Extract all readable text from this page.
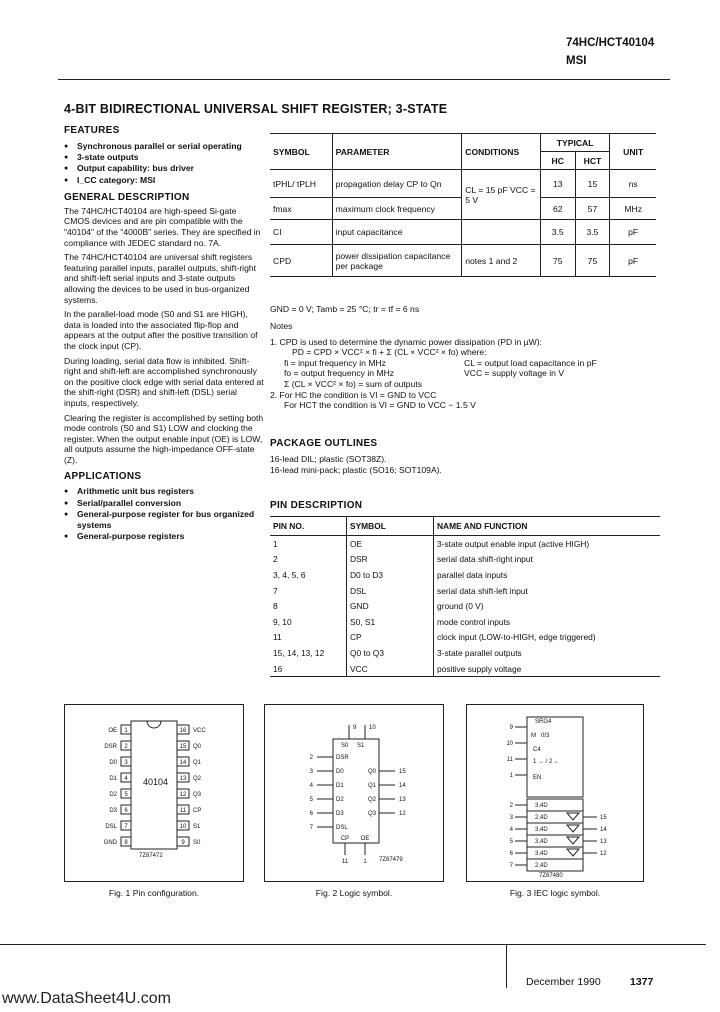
74HC/HCT40104
MSI
4-BIT BIDIRECTIONAL UNIVERSAL SHIFT REGISTER; 3-STATE
FEATURES
● Synchronous parallel or serial operating
● 3-state outputs
● Output capability: bus driver
● I_CC category: MSI
GENERAL DESCRIPTION

The 74HC/HCT40104 are high-speed Si-gate CMOS devices and are pin compatible with the "40104" of the "4000B" series. They are specified in compliance with JEDEC standard no. 7A.

The 74HC/HCT40104 are universal shift registers featuring parallel inputs, parallel outputs, shift-right and shift-left serial inputs and 3-state outputs allowing the devices to be used in bus-organized systems.

In the parallel-load mode (S0 and S1 are HIGH), data is loaded into the associated flip-flop and appears at the output after the positive transition of the clock input (CP).

During loading, serial data flow is inhibited. Shift-right and shift-left are accomplished synchronously on the positive clock edge with serial data entered at the shift-right (DSR) and shift-left (DSL) serial inputs, respectively.

Clearing the register is accomplished by setting both mode controls (S0 and S1) LOW and clocking the register. When the output enable input (OE) is LOW, all outputs assume the high-impedance OFF-state (Z).

APPLICATIONS
● Arithmetic unit bus registers
● Serial/parallel conversion
● General-purpose register for bus organized systems
● General-purpose registers
SYMBOL	PARAMETER	CONDITIONS	TYPICAL		UNIT
			HC	HCT	
tPHL/ tPLH	propagation delay CP to Qn	CL = 15 pF VCC = 5 V	13	15	ns
fmax	maximum clock frequency		62	57	MHz
CI	input capacitance		3.5	3.5	pF
CPD	power dissipation capacitance per package	notes 1 and 2	75	75	pF
GND = 0 V; Tamb = 25 °C; tr = tf = 6 ns
Notes
1. CPD is used to determine the dynamic power dissipation (PD in µW):
PD = CPD × VCC² × fi + Σ (CL × VCC² × fo) where:
fi = input frequency in MHz	CL = output load capacitance in pF
fo = output frequency in MHz	VCC = supply voltage in V
Σ (CL × VCC² × fo) = sum of outputs
2. For HC the condition is VI = GND to VCC
For HCT the condition is VI = GND to VCC − 1.5 V
PACKAGE OUTLINES
16-lead DIL; plastic (SOT38Z).
16-lead mini-pack; plastic (SO16; SOT109A).
PIN DESCRIPTION
PIN NO.	SYMBOL	NAME AND FUNCTION
1	OE	3-state output enable input (active HIGH)
2	DSR	serial data shift-right input
3, 4, 5, 6	D0 to D3	parallel data inputs
7	DSL	serial data shift-left input
8	GND	ground (0 V)
9, 10	S0, S1	mode control inputs
11	CP	clock input (LOW-to-HIGH, edge triggered)
15, 14, 13, 12	Q0 to Q3	3-state parallel outputs
16	VCC	positive supply voltage
1
OE
2
DSR
3
D0
4
D1
5
D2
6
D3
7
DSL
8
GND
16 VCC
15 Q0
14 Q1
13 Q2
12 Q3
11 CP
10 S1
9 S0
40104
7Z87472
Fig. 1 Pin configuration.
9
S0
10
S1
2	DSR
3	D0
4	D1
5	D2
6	D3
7	DSL
Q0	15
Q1	14
Q2	13
Q3	12
CP
11
OE
1 7Z87479
Fig. 2 Logic symbol.
9
10
11
1
3,4D
2
2,4D
3
3,4D
4
3,4D
5
3,4D
6
2,4D
7
15
14
13
12
SRG4
M 0/3
1 → / 2 ←
EN
C4
7Z87480
Fig. 3 IEC logic symbol.
December 1990	1377
www.DataSheet4U.com
